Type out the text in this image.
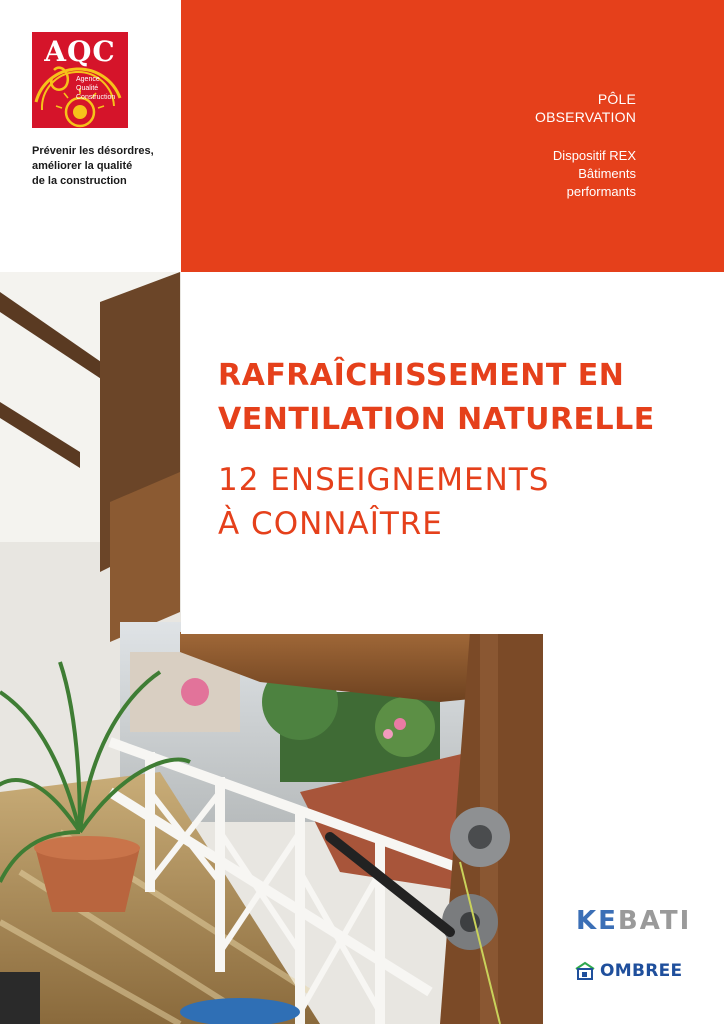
AQC
Agence
Qualité
Construction
Prévenir les désordres,
améliorer la qualité
de la construction
PÔLE
OBSERVATION
Dispositif REX
Bâtiments
performants
RAFRAÎCHISSEMENT EN
VENTILATION NATURELLE
12 ENSEIGNEMENTS
À CONNAÎTRE
KEBATI
OMBREE
